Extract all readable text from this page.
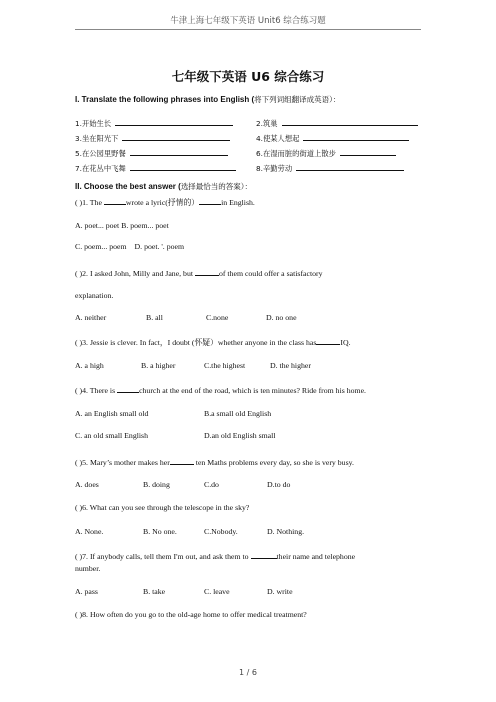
牛津上海七年级下英语 Unit6 综合练习题
七年级下英语 U6 综合练习
I. Translate the following phrases into English (将下列词组翻译成英语）：
1.开始生长	2.筑巢
3.坐在阳光下	4.使某人想起
5.在公园里野餐	6.在湿而脏的街道上散步
7.在花丛中飞舞	8.辛勤劳动
II. Choose the best answer (选择最恰当的答案）：
( )1. The	wrote a lyric(抒情的）	in English.
A. poet... poet B. poem... poet
C. poem... poem D. poet. '. poem
( )2. I asked John, Milly and Jane, but	of them could offer a satisfactory
explanation.
A. neither	B. all	C.none	D. no one
( )3. Jessie is clever. In fact，I doubt (怀疑）whether anyone in the class has	IQ.
A. a high	B. a higher	C.the highest	D. the higher
( )4. There is	church at the end of the road, which is ten minutes? Ride from his home.
A. an English small old	B.a small old English
C. an old small English	D.an old English small
( )5. Mary’s mother makes her	ten Maths problems every day, so she is very busy.
A. does	B. doing	C.do	D.to do
( )6. What can you see through the telescope in the sky?
A. None.	B. No one.	C.Nobody.	D. Nothing.
( )7. If anybody calls, tell them I'm out, and ask them to	their name and telephone
number.
A. pass	B. take	C. leave	D. write
( )8. How often do you go to the old-age home to offer medical treatment?
1 / 6
